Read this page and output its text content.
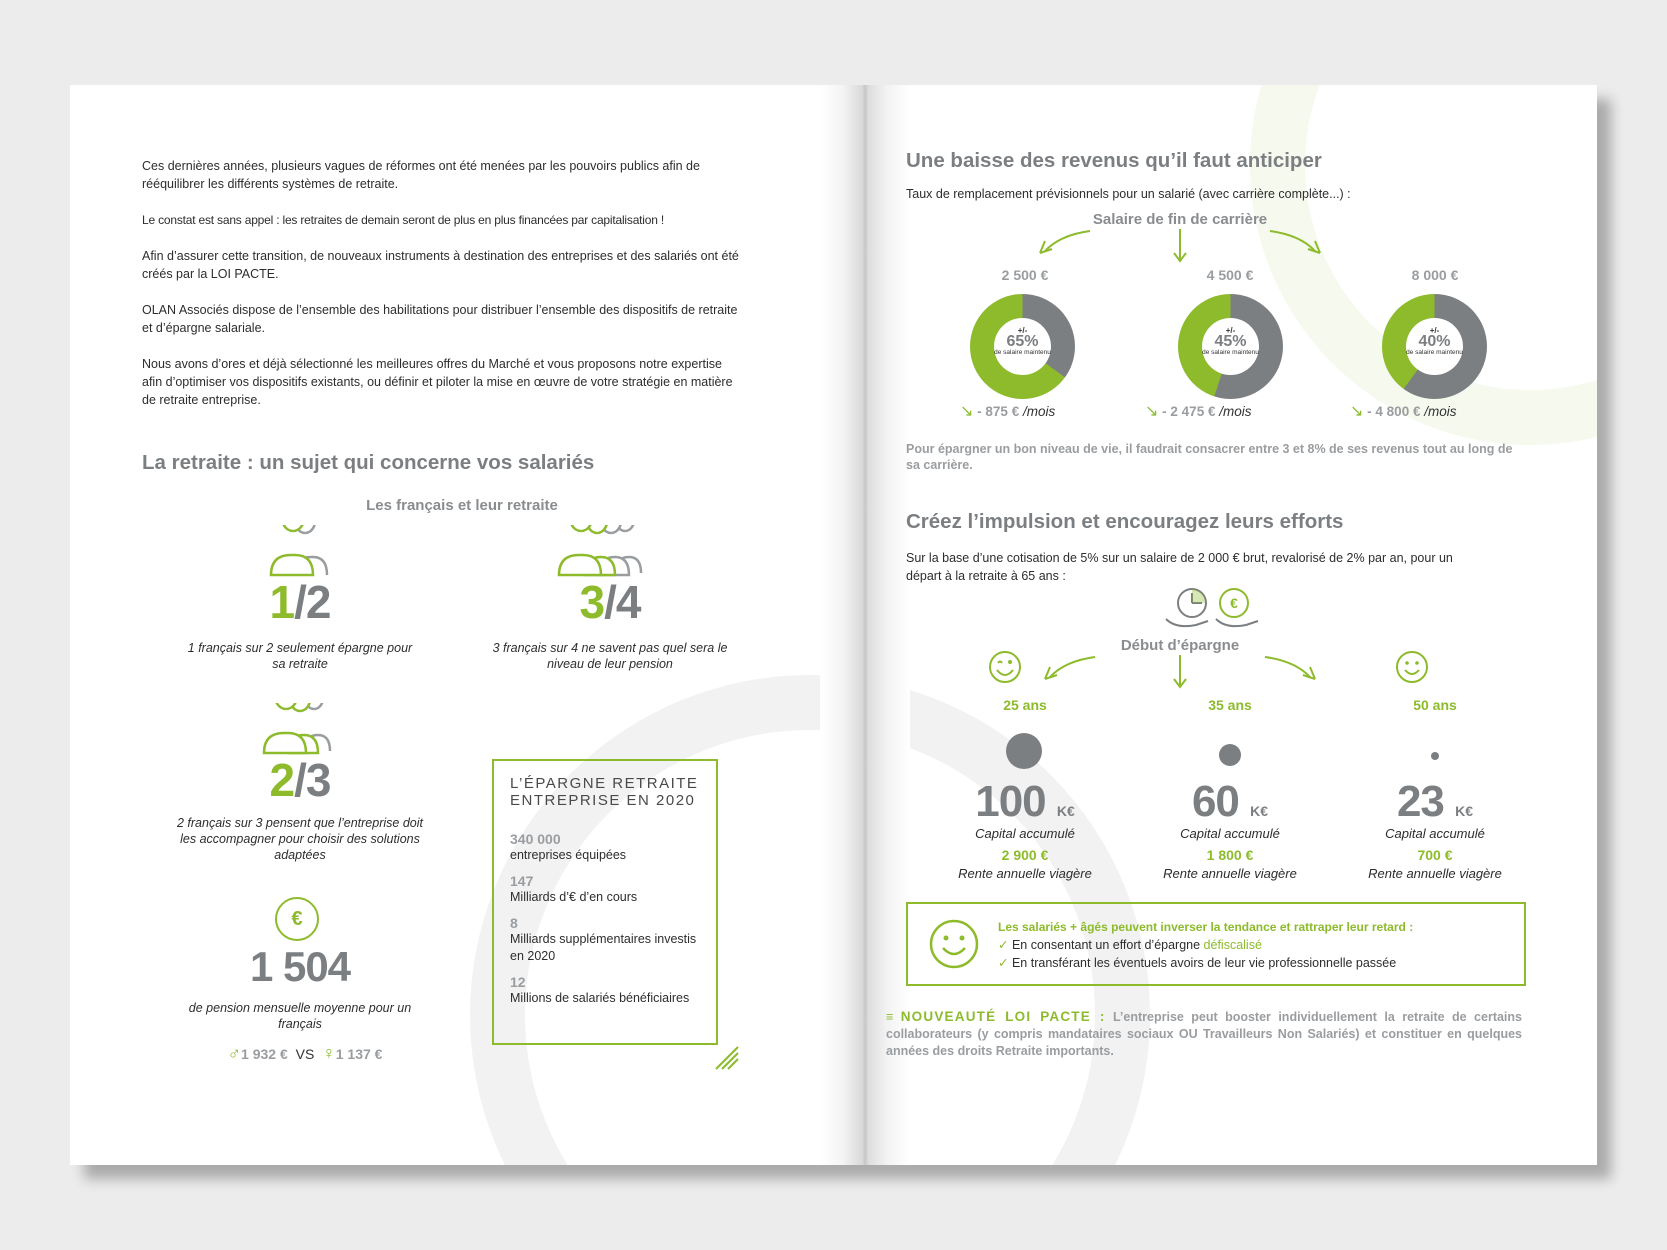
Ces dernières années, plusieurs vagues de réformes ont été menées par les pouvoirs publics afin de rééquilibrer les différents systèmes de retraite.

Le constat est sans appel : les retraites de demain seront de plus en plus financées par capitalisation !

Afin d’assurer cette transition, de nouveaux instruments à destination des entreprises et des salariés ont été créés par la LOI PACTE.

OLAN Associés dispose de l’ensemble des habilitations pour distribuer l’ensemble des dispositifs de retraite et d’épargne salariale.

Nous avons d’ores et déjà sélectionné les meilleures offres du Marché et vous proposons notre expertise afin d’optimiser vos dispositifs existants, ou définir et piloter la mise en œuvre de votre stratégie en matière de retraite entreprise.

La retraite : un sujet qui concerne vos salariés
Les français et leur retraite
1/2
1 français sur 2 seulement épargne pour sa retraite
3/4
3 français sur 4 ne savent pas quel sera le niveau de leur pension
2/3
2 français sur 3 pensent que l’entreprise doit les accompagner pour choisir des solutions adaptées
€
1 504
de pension mensuelle moyenne pour un français
♂1 932 € VS ♀1 137 €
L’ÉPARGNE RETRAITE ENTREPRISE EN 2020
340 000
entreprises équipées
147
Milliards d’€ d’en cours
8
Milliards supplémentaires investis en 2020
12
Millions de salariés bénéficiaires
Une baisse des revenus qu’il faut anticiper
Taux de remplacement prévisionnels pour un salarié (avec carrière complète...) :
Salaire de fin de carrière
2 500 €
+/-
65%
de salaire maintenu
↘ - 875 € /mois
4 500 €
+/-
45%
de salaire maintenu
↘ - 2 475 € /mois
8 000 €
+/-
40%
de salaire maintenu
↘ - 4 800 € /mois
Pour épargner un bon niveau de vie, il faudrait consacrer entre 3 et 8% de ses revenus tout au long de sa carrière.
Créez l’impulsion et encouragez leurs efforts
Sur la base d’une cotisation de 5% sur un salaire de 2 000 € brut, revalorisé de 2% par an, pour un départ à la retraite à 65 ans :
€
Début d’épargne
25 ans
100 K€
Capital accumulé
2 900 €
Rente annuelle viagère
35 ans
60 K€
Capital accumulé
1 800 €
Rente annuelle viagère
50 ans
23 K€
Capital accumulé
700 €
Rente annuelle viagère
Les salariés + âgés peuvent inverser la tendance et rattraper leur retard :
✓ En consentant un effort d’épargne défiscalisé
✓ En transférant les éventuels avoirs de leur vie professionnelle passée
≡ NOUVEAUTÉ LOI PACTE : L’entreprise peut booster individuellement la retraite de certains collaborateurs (y compris mandataires sociaux OU Travailleurs Non Salariés) et constituer en quelques années des droits Retraite importants.
